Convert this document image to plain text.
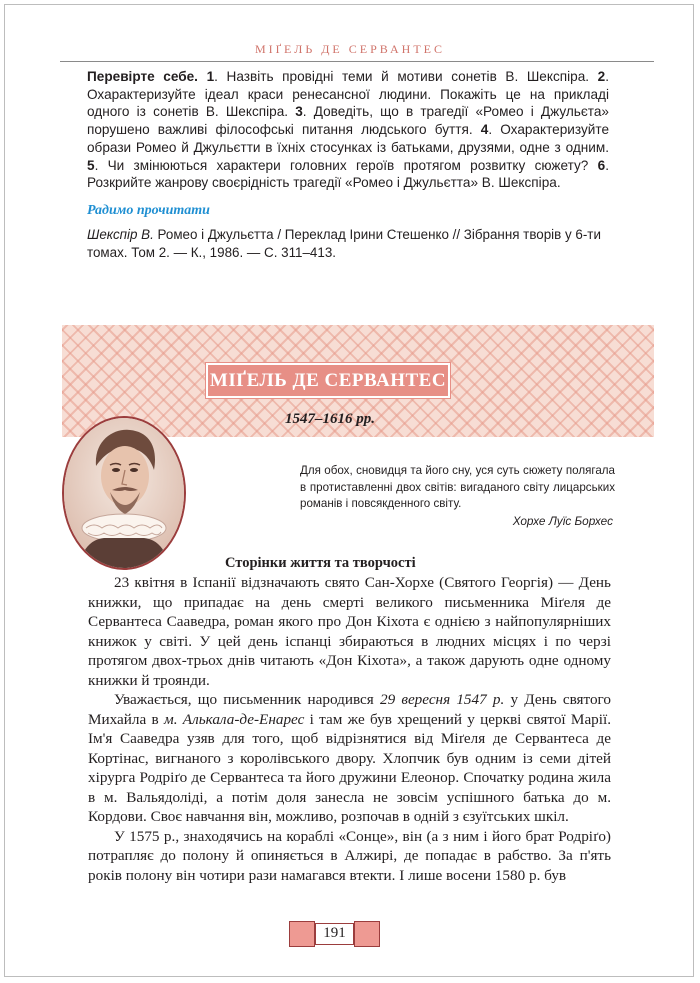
МІҐЕЛЬ ДЕ СЕРВАНТЕС

Перевірте себе. 1. Назвіть провідні теми й мотиви сонетів В. Шекспіра. 2. Охарактеризуйте ідеал краси ренесансної людини. Покажіть це на прикладі одного із сонетів В. Шекспіра. 3. Доведіть, що в трагедії «Ромео і Джульєта» порушено важливі філософські питання людського буття. 4. Охарактеризуйте образи Ромео й Джульєтти в їхніх стосунках із батьками, друзями, одне з одним. 5. Чи змінюються характери головних героїв протягом розвитку сюжету? 6. Розкрийте жанрову своєрідність трагедії «Ромео і Джульєтта» В. Шекспіра.

Радимо прочитати
Шекспір В. Ромео і Джульєтта / Переклад Ірини Стешенко // Зібрання творів у 6-ти томах. Том 2. — К., 1986. — С. 311–413.
МІҐЕЛЬ ДЕ СЕРВАНТЕС
1547–1616 рр.
Для обох, сновидця та його сну, уся суть сюжету полягала в протиставленні двох світів: вигаданого світу лицарських романів і повсякденного світу.
Хорхе Луїс Борхес
Сторінки життя та творчості

23 квітня в Іспанії відзначають свято Сан-Хорхе (Святого Георгія) — День книжки, що припадає на день смерті великого письменника Міґеля де Сервантеса Сааведра, роман якого про Дон Кіхота є однією з найпопулярніших книжок у світі. У цей день іспанці збираються в людних місцях і по черзі протягом двох-трьох днів читають «Дон Кіхота», а також дарують одне одному книжки й троянди.

Уважається, що письменник народився 29 вересня 1547 р. у День святого Михайла в м. Алькала-де-Енарес і там же був хрещений у церкві святої Марії. Ім'я Сааведра узяв для того, щоб відрізнятися від Міґеля де Сервантеса де Кортінас, вигнаного з королівського двору. Хлопчик був одним із семи дітей хірурга Родріґо де Сервантеса та його дружини Елеонор. Спочатку родина жила в м. Вальядоліді, а потім доля занесла не зовсім успішного батька до м. Кордови. Своє навчання він, можливо, розпочав в одній з єзуїтських шкіл.

У 1575 р., знаходячись на кораблі «Сонце», він (а з ним і його брат Родріґо) потрапляє до полону й опиняється в Алжирі, де попадає в рабство. За п'ять років полону він чотири рази намагався втекти. І лише восени 1580 р. був

191
